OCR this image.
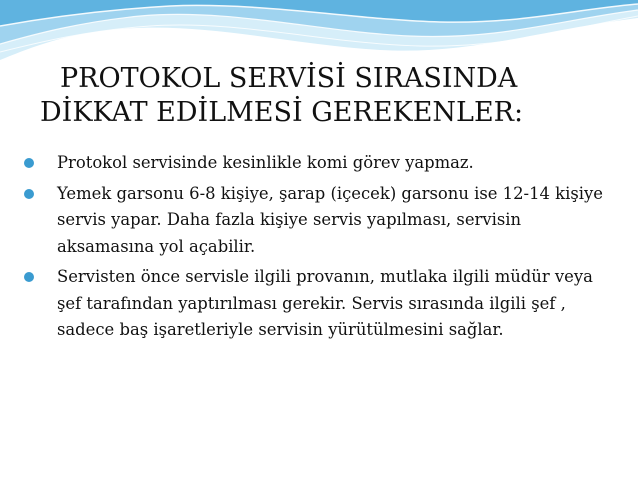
PROTOKOL SERVİSİ SIRASINDA
DİKKAT EDİLMESİ GEREKENLER:
Protokol servisinde kesinlikle komi görev yapmaz.
Yemek garsonu 6-8 kişiye, şarap (içecek) garsonu ise 12-14 kişiye servis yapar. Daha fazla kişiye servis yapılması, servisin aksamasına yol açabilir.
Servisten önce servisle ilgili provanın, mutlaka ilgili müdür veya şef tarafından yaptırılması gerekir. Servis sırasında ilgili şef , sadece baş işaretleriyle servisin yürütülmesini sağlar.
